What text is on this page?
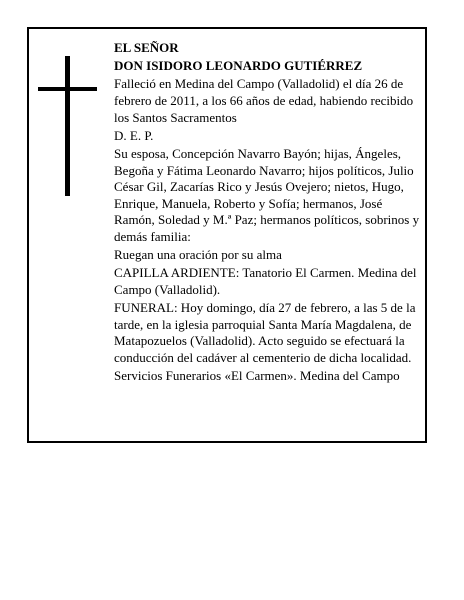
EL SEÑOR

DON ISIDORO LEONARDO GUTIÉRREZ

Falleció en Medina del Campo (Valladolid) el día 26 de febrero de 2011, a los 66 años de edad, habiendo recibido los Santos Sacramentos

D. E. P.

Su esposa, Concepción Navarro Bayón; hijas, Ángeles, Begoña y Fátima Leonardo Navarro; hijos políticos, Julio César Gil, Zacarías Rico y Jesús Ovejero; nietos, Hugo, Enrique, Manuela, Roberto y Sofía; hermanos, José Ramón, Soledad y M.ª Paz; hermanos políticos, sobrinos y demás familia:

Ruegan una oración por su alma

CAPILLA ARDIENTE: Tanatorio El Carmen. Medina del Campo (Valladolid).

FUNERAL: Hoy domingo, día 27 de febrero, a las 5 de la tarde, en la iglesia parroquial Santa María Magdalena, de Matapozuelos (Valladolid). Acto seguido se efectuará la conducción del cadáver al cementerio de dicha localidad.

Servicios Funerarios «El Carmen». Medina del Campo
